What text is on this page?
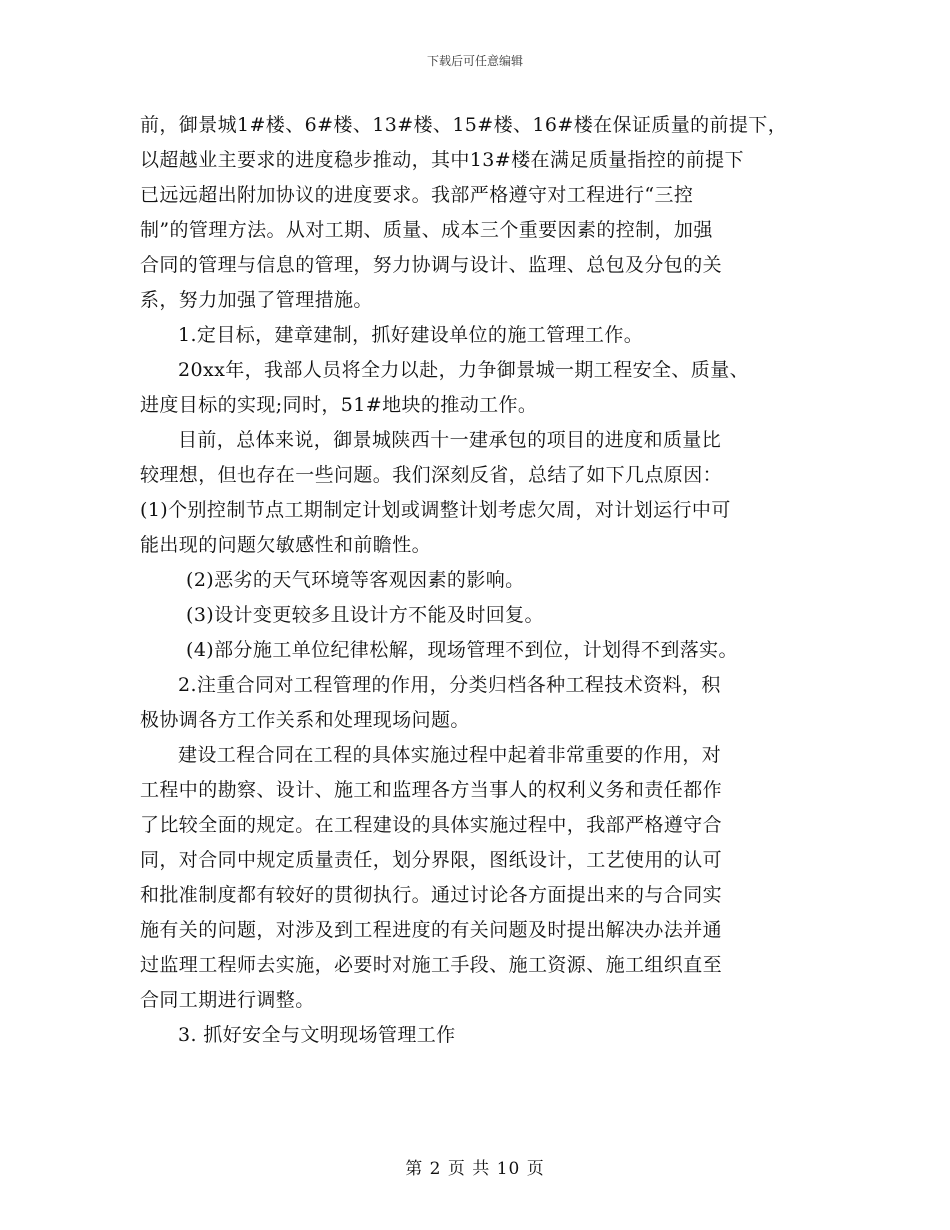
下载后可任意编辑
前，御景城1#楼、6#楼、13#楼、15#楼、16#楼在保证质量的前提下，
以超越业主要求的进度稳步推动，其中13#楼在满足质量指控的前提下
已远远超出附加协议的进度要求。我部严格遵守对工程进行“三控
制”的管理方法。从对工期、质量、成本三个重要因素的控制，加强
合同的管理与信息的管理，努力协调与设计、监理、总包及分包的关
系，努力加强了管理措施。
1.定目标，建章建制，抓好建设单位的施工管理工作。
20xx年，我部人员将全力以赴，力争御景城一期工程安全、质量、
进度目标的实现;同时，51#地块的推动工作。
目前，总体来说，御景城陕西十一建承包的项目的进度和质量比
较理想，但也存在一些问题。我们深刻反省，总结了如下几点原因：
(1)个别控制节点工期制定计划或调整计划考虑欠周，对计划运行中可
能出现的问题欠敏感性和前瞻性。
(2)恶劣的天气环境等客观因素的影响。
(3)设计变更较多且设计方不能及时回复。
(4)部分施工单位纪律松解，现场管理不到位，计划得不到落实。
2.注重合同对工程管理的作用，分类归档各种工程技术资料，积
极协调各方工作关系和处理现场问题。
建设工程合同在工程的具体实施过程中起着非常重要的作用，对
工程中的勘察、设计、施工和监理各方当事人的权利义务和责任都作
了比较全面的规定。在工程建设的具体实施过程中，我部严格遵守合
同，对合同中规定质量责任，划分界限，图纸设计，工艺使用的认可
和批准制度都有较好的贯彻执行。通过讨论各方面提出来的与合同实
施有关的问题，对涉及到工程进度的有关问题及时提出解决办法并通
过监理工程师去实施，必要时对施工手段、施工资源、施工组织直至
合同工期进行调整。
3. 抓好安全与文明现场管理工作
第 2 页 共 10 页
